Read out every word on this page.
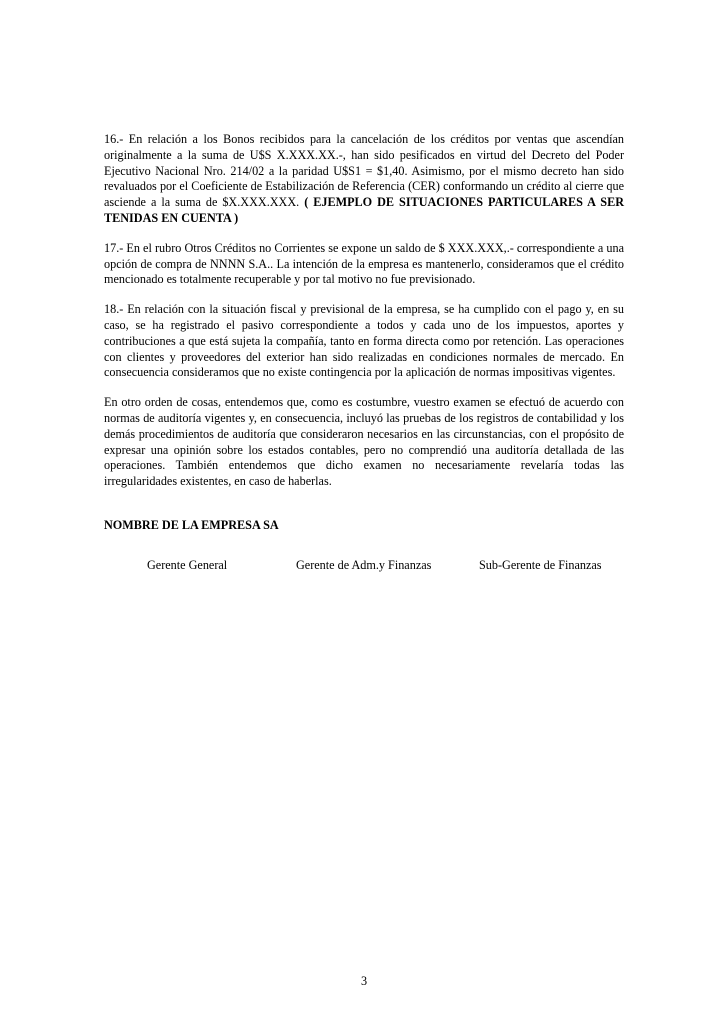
16.- En relación a los Bonos recibidos para la cancelación de los créditos por ventas que ascendían originalmente a la suma de U$S X.XXX.XX.-, han sido pesificados en virtud del Decreto del Poder Ejecutivo Nacional Nro. 214/02 a la paridad U$S1 = $1,40. Asimismo, por el mismo decreto han sido revaluados por el Coeficiente de Estabilización de Referencia (CER) conformando un crédito al cierre que asciende a la suma de $X.XXX.XXX. ( EJEMPLO DE SITUACIONES PARTICULARES A SER TENIDAS EN CUENTA )

17.- En el rubro Otros Créditos no Corrientes se expone un saldo de $ XXX.XXX,.- correspondiente a una opción de compra de NNNN S.A.. La intención de la empresa es mantenerlo, consideramos que el crédito mencionado es totalmente recuperable y por tal motivo no fue previsionado.

18.- En relación con la situación fiscal y previsional de la empresa, se ha cumplido con el pago y, en su caso, se ha registrado el pasivo correspondiente a todos y cada uno de los impuestos, aportes y contribuciones a que está sujeta la compañía, tanto en forma directa como por retención. Las operaciones con clientes y proveedores del exterior han sido realizadas en condiciones normales de mercado. En consecuencia consideramos que no existe contingencia por la aplicación de normas impositivas vigentes.

En otro orden de cosas, entendemos que, como es costumbre, vuestro examen se efectuó de acuerdo con normas de auditoría vigentes y, en consecuencia, incluyó las pruebas de los registros de contabilidad y los demás procedimientos de auditoría que consideraron necesarios en las circunstancias, con el propósito de expresar una opinión sobre los estados contables, pero no comprendió una auditoría detallada de las operaciones. También entendemos que dicho examen no necesariamente revelaría todas las irregularidades existentes, en caso de haberlas.

NOMBRE DE LA EMPRESA SA

Gerente General	Gerente de Adm.y Finanzas	Sub-Gerente de Finanzas
3
